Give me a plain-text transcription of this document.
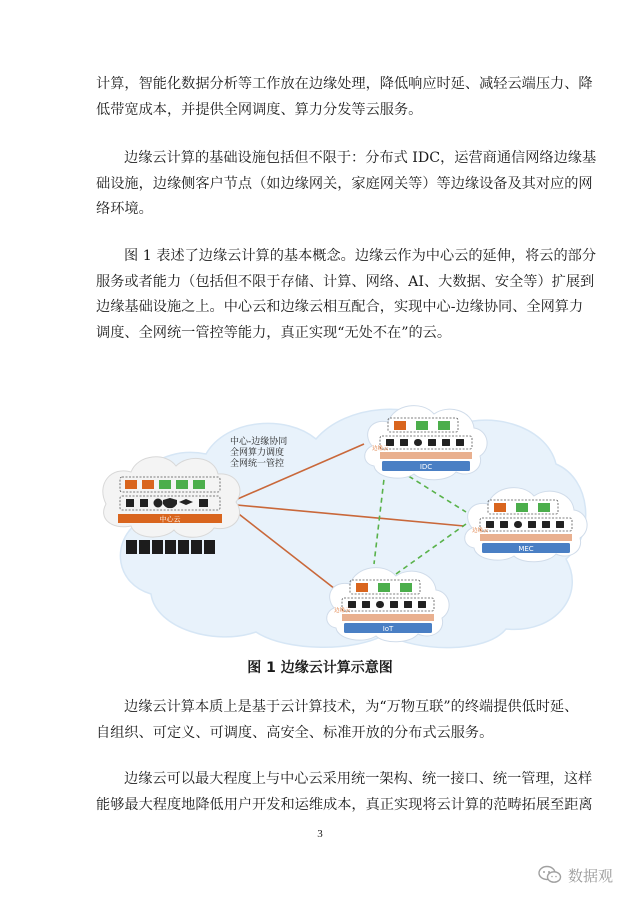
计算，智能化数据分析等工作放在边缘处理，降低响应时延、减轻云端压力、降
低带宽成本，并提供全网调度、算力分发等云服务。

边缘云计算的基础设施包括但不限于：分布式 IDC，运营商通信网络边缘基
础设施，边缘侧客户节点（如边缘网关，家庭网关等）等边缘设备及其对应的网
络环境。

图 1 表述了边缘云计算的基本概念。边缘云作为中心云的延伸，将云的部分
服务或者能力（包括但不限于存储、计算、网络、AI、大数据、安全等）扩展到
边缘基础设施之上。中心云和边缘云相互配合，实现中心-边缘协同、全网算力
调度、全网统一管控等能力，真正实现“无处不在”的云。

中心-边缘协同
全网算力调度
全网统一管控
中心云
边缘云
IDC
边缘云
MEC
边缘云
IoT
图 1 边缘云计算示意图

边缘云计算本质上是基于云计算技术，为“万物互联”的终端提供低时延、
自组织、可定义、可调度、高安全、标准开放的分布式云服务。

边缘云可以最大程度上与中心云采用统一架构、统一接口、统一管理，这样
能够最大程度地降低用户开发和运维成本，真正实现将云计算的范畴拓展至距离

3
数据观
